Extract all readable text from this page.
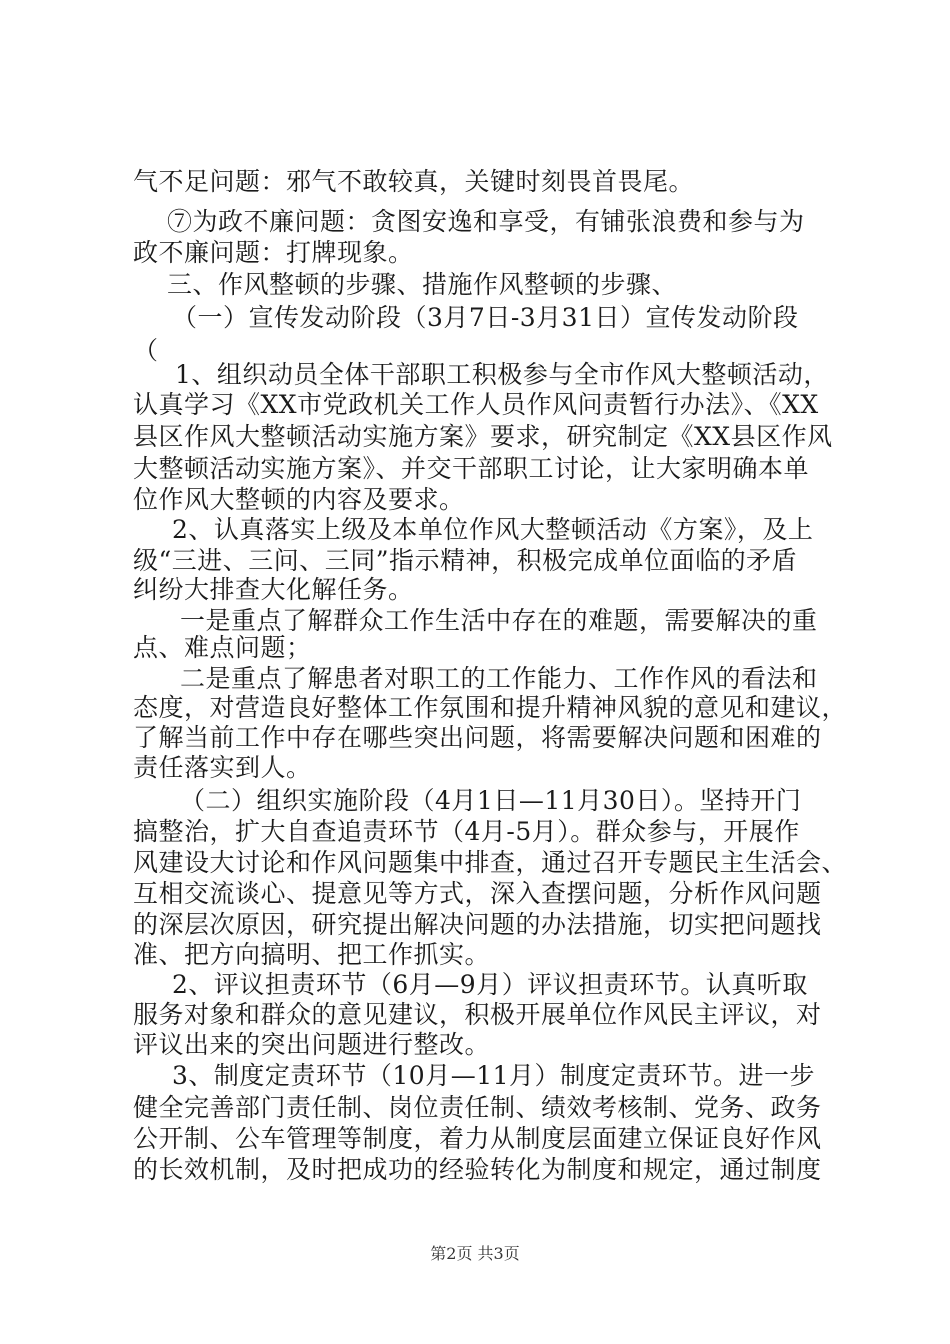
气不足问题：邪气不敢较真，关键时刻畏首畏尾。
⑦为政不廉问题：贪图安逸和享受，有铺张浪费和参与为
政不廉问题：打牌现象。
三、作风整顿的步骤、措施作风整顿的步骤、
（一）宣传发动阶段（3月7日-3月31日）宣传发动阶段
（
1、组织动员全体干部职工积极参与全市作风大整顿活动，
认真学习《XX市党政机关工作人员作风问责暂行办法》、《XX
县区作风大整顿活动实施方案》要求，研究制定《XX县区作风
大整顿活动实施方案》、并交干部职工讨论，让大家明确本单
位作风大整顿的内容及要求。
2、认真落实上级及本单位作风大整顿活动《方案》，及上
级“三进、三问、三同”指示精神，积极完成单位面临的矛盾
纠纷大排查大化解任务。
一是重点了解群众工作生活中存在的难题，需要解决的重
点、难点问题；
二是重点了解患者对职工的工作能力、工作作风的看法和
态度，对营造良好整体工作氛围和提升精神风貌的意见和建议，
了解当前工作中存在哪些突出问题，将需要解决问题和困难的
责任落实到人。
（二）组织实施阶段（4月1日—11月30日）。坚持开门
搞整治，扩大自查追责环节（4月-5月）。群众参与，开展作
风建设大讨论和作风问题集中排查，通过召开专题民主生活会、
互相交流谈心、提意见等方式，深入查摆问题，分析作风问题
的深层次原因，研究提出解决问题的办法措施，切实把问题找
准、把方向搞明、把工作抓实。
2、评议担责环节（6月—9月）评议担责环节。认真听取
服务对象和群众的意见建议，积极开展单位作风民主评议，对
评议出来的突出问题进行整改。
3、制度定责环节（10月—11月）制度定责环节。进一步
健全完善部门责任制、岗位责任制、绩效考核制、党务、政务
公开制、公车管理等制度，着力从制度层面建立保证良好作风
的长效机制，及时把成功的经验转化为制度和规定，通过制度
第2页 共3页
